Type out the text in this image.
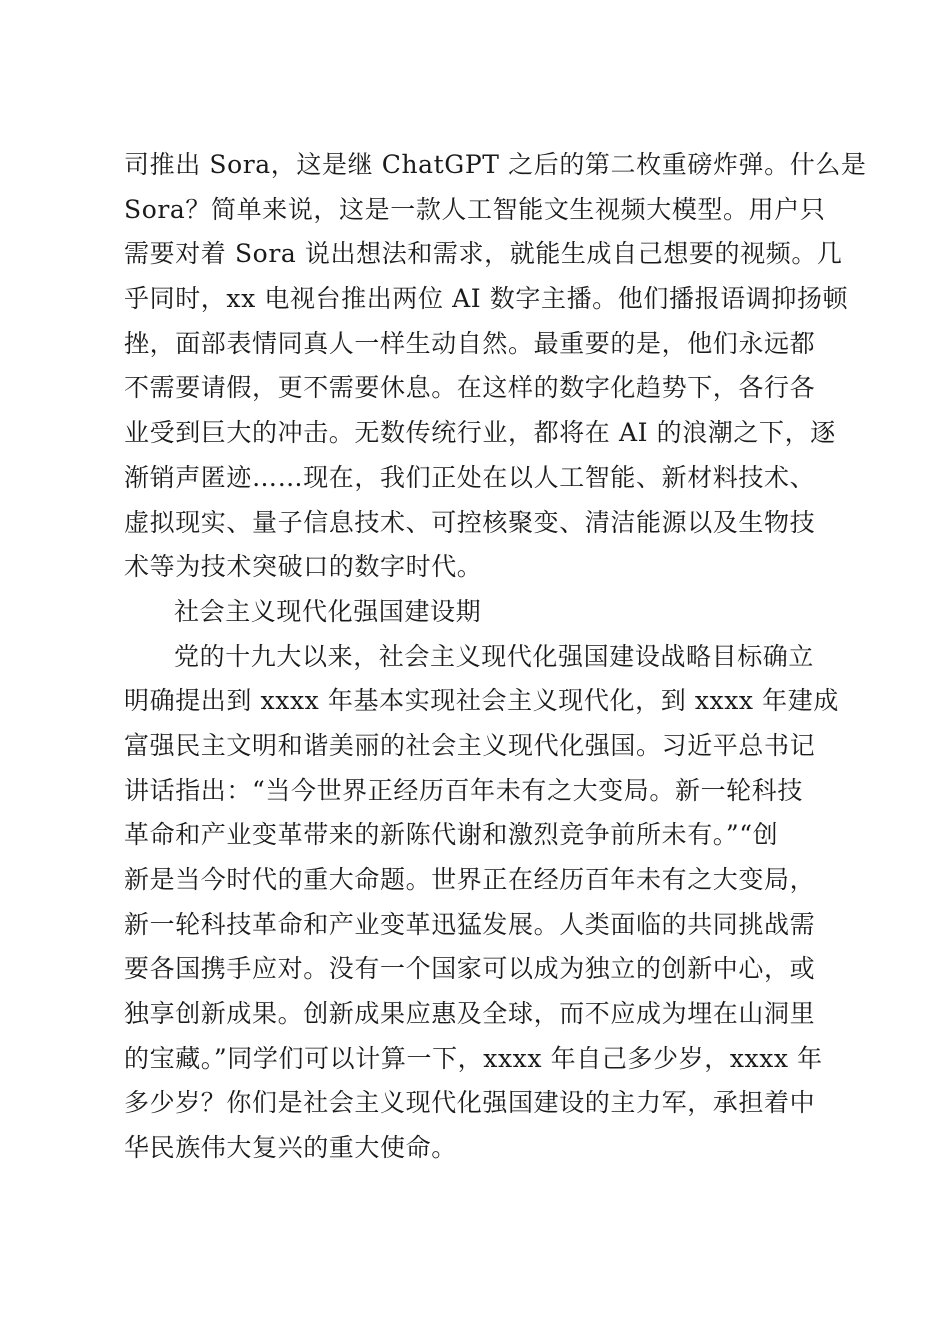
司推出 Sora，这是继 ChatGPT 之后的第二枚重磅炸弹。什么是
Sora？简单来说，这是一款人工智能文生视频大模型。用户只
需要对着 Sora 说出想法和需求，就能生成自己想要的视频。几
乎同时，xx 电视台推出两位 AI 数字主播。他们播报语调抑扬顿
挫，面部表情同真人一样生动自然。最重要的是，他们永远都
不需要请假，更不需要休息。在这样的数字化趋势下，各行各
业受到巨大的冲击。无数传统行业，都将在 AI 的浪潮之下，逐
渐销声匿迹……现在，我们正处在以人工智能、新材料技术、
虚拟现实、量子信息技术、可控核聚变、清洁能源以及生物技
术等为技术突破口的数字时代。
社会主义现代化强国建设期
党的十九大以来，社会主义现代化强国建设战略目标确立
明确提出到 xxxx 年基本实现社会主义现代化，到 xxxx 年建成
富强民主文明和谐美丽的社会主义现代化强国。习近平总书记
讲话指出：“当今世界正经历百年未有之大变局。新一轮科技
革命和产业变革带来的新陈代谢和激烈竞争前所未有。”“创
新是当今时代的重大命题。世界正在经历百年未有之大变局，
新一轮科技革命和产业变革迅猛发展。人类面临的共同挑战需
要各国携手应对。没有一个国家可以成为独立的创新中心，或
独享创新成果。创新成果应惠及全球，而不应成为埋在山洞里
的宝藏。”同学们可以计算一下，xxxx 年自己多少岁，xxxx 年
多少岁？你们是社会主义现代化强国建设的主力军，承担着中
华民族伟大复兴的重大使命。
